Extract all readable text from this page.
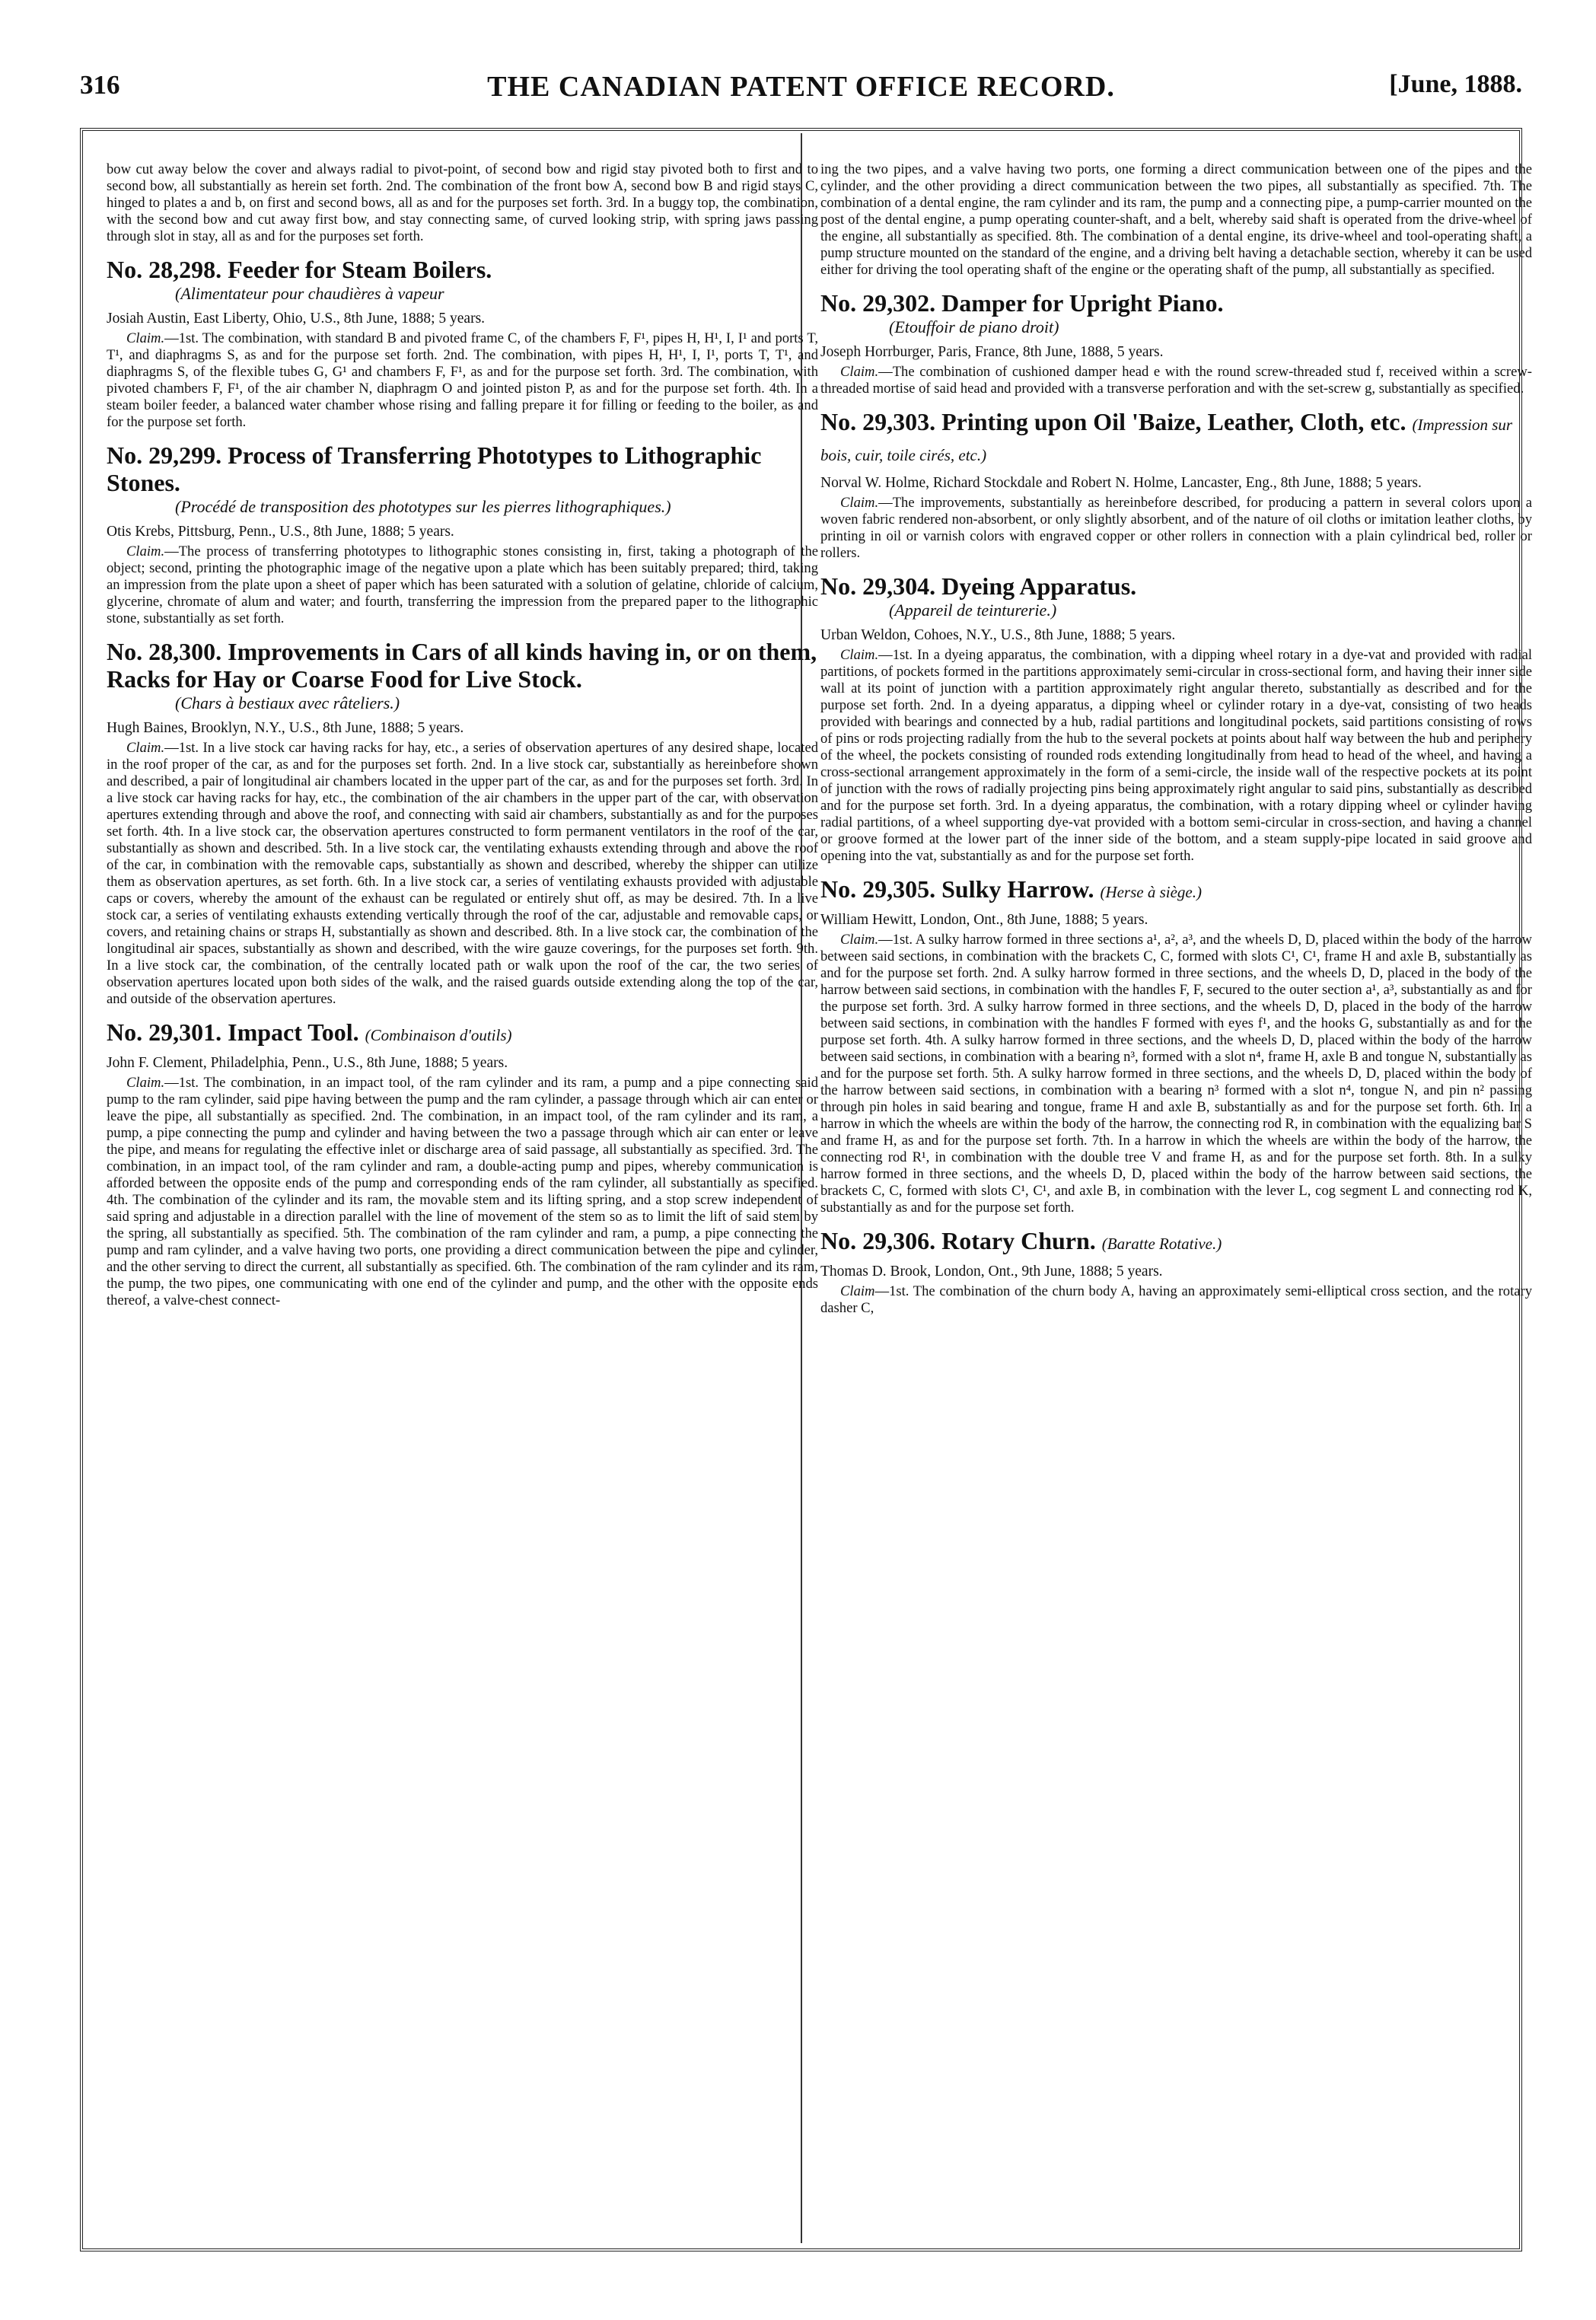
316	THE CANADIAN PATENT OFFICE RECORD.	[June, 1888.

bow cut away below the cover and always radial to pivot-point, of second bow and rigid stay pivoted both to first and to second bow, all substantially as herein set forth. 2nd. The combination of the front bow A, second bow B and rigid stays C, hinged to plates a and b, on first and second bows, all as and for the purposes set forth. 3rd. In a buggy top, the combination, with the second bow and cut away first bow, and stay connecting same, of curved looking strip, with spring jaws passing through slot in stay, all as and for the purposes set forth.

No. 28,298. Feeder for Steam Boilers.

(Alimentateur pour chaudières à vapeur

Josiah Austin, East Liberty, Ohio, U.S., 8th June, 1888; 5 years.

Claim.—1st. The combination, with standard B and pivoted frame C, of the chambers F, F¹, pipes H, H¹, I, I¹ and ports T, T¹, and diaphragms S, as and for the purpose set forth. 2nd. The combination, with pipes H, H¹, I, I¹, ports T, T¹, and diaphragms S, of the flexible tubes G, G¹ and chambers F, F¹, as and for the purpose set forth. 3rd. The combination, with pivoted chambers F, F¹, of the air chamber N, diaphragm O and jointed piston P, as and for the purpose set forth. 4th. In a steam boiler feeder, a balanced water chamber whose rising and falling prepare it for filling or feeding to the boiler, as and for the purpose set forth.

No. 29,299. Process of Transferring Phototypes to Lithographic Stones.

(Procédé de transposition des phototypes sur les pierres lithographiques.)

Otis Krebs, Pittsburg, Penn., U.S., 8th June, 1888; 5 years.

Claim.—The process of transferring phototypes to lithographic stones consisting in, first, taking a photograph of the object; second, printing the photographic image of the negative upon a plate which has been suitably prepared; third, taking an impression from the plate upon a sheet of paper which has been saturated with a solution of gelatine, chloride of calcium, glycerine, chromate of alum and water; and fourth, transferring the impression from the prepared paper to the lithographic stone, substantially as set forth.

No. 28,300. Improvements in Cars of all kinds having in, or on them, Racks for Hay or Coarse Food for Live Stock.

(Chars à bestiaux avec râteliers.)

Hugh Baines, Brooklyn, N.Y., U.S., 8th June, 1888; 5 years.

Claim.—1st. In a live stock car having racks for hay, etc., a series of observation apertures of any desired shape, located in the roof proper of the car, as and for the purposes set forth. 2nd. In a live stock car, substantially as hereinbefore shown and described, a pair of longitudinal air chambers located in the upper part of the car, as and for the purposes set forth. 3rd. In a live stock car having racks for hay, etc., the combination of the air chambers in the upper part of the car, with observation apertures extending through and above the roof, and connecting with said air chambers, substantially as and for the purposes set forth. 4th. In a live stock car, the observation apertures constructed to form permanent ventilators in the roof of the car, substantially as shown and described. 5th. In a live stock car, the ventilating exhausts extending through and above the roof of the car, in combination with the removable caps, substantially as shown and described, whereby the shipper can utilize them as observation apertures, as set forth. 6th. In a live stock car, a series of ventilating exhausts provided with adjustable caps or covers, whereby the amount of the exhaust can be regulated or entirely shut off, as may be desired. 7th. In a live stock car, a series of ventilating exhausts extending vertically through the roof of the car, adjustable and removable caps, or covers, and retaining chains or straps H, substantially as shown and described. 8th. In a live stock car, the combination of the longitudinal air spaces, substantially as shown and described, with the wire gauze coverings, for the purposes set forth. 9th. In a live stock car, the combination, of the centrally located path or walk upon the roof of the car, the two series of observation apertures located upon both sides of the walk, and the raised guards outside extending along the top of the car, and outside of the observation apertures.

No. 29,301. Impact Tool. (Combinaison d'outils)

John F. Clement, Philadelphia, Penn., U.S., 8th June, 1888; 5 years.

Claim.—1st. The combination, in an impact tool, of the ram cylinder and its ram, a pump and a pipe connecting said pump to the ram cylinder, said pipe having between the pump and the ram cylinder, a passage through which air can enter or leave the pipe, all substantially as specified. 2nd. The combination, in an impact tool, of the ram cylinder and its ram, a pump, a pipe connecting the pump and cylinder and having between the two a passage through which air can enter or leave the pipe, and means for regulating the effective inlet or discharge area of said passage, all substantially as specified. 3rd. The combination, in an impact tool, of the ram cylinder and ram, a double-acting pump and pipes, whereby communication is afforded between the opposite ends of the pump and corresponding ends of the ram cylinder, all substantially as specified. 4th. The combination of the cylinder and its ram, the movable stem and its lifting spring, and a stop screw independent of said spring and adjustable in a direction parallel with the line of movement of the stem so as to limit the lift of said stem by the spring, all substantially as specified. 5th. The combination of the ram cylinder and ram, a pump, a pipe connecting the pump and ram cylinder, and a valve having two ports, one providing a direct communication between the pipe and cylinder, and the other serving to direct the current, all substantially as specified. 6th. The combination of the ram cylinder and its ram, the pump, the two pipes, one communicating with one end of the cylinder and pump, and the other with the opposite ends thereof, a valve-chest connect-

ing the two pipes, and a valve having two ports, one forming a direct communication between one of the pipes and the cylinder, and the other providing a direct communication between the two pipes, all substantially as specified. 7th. The combination of a dental engine, the ram cylinder and its ram, the pump and a connecting pipe, a pump-carrier mounted on the post of the dental engine, a pump operating counter-shaft, and a belt, whereby said shaft is operated from the drive-wheel of the engine, all substantially as specified. 8th. The combination of a dental engine, its drive-wheel and tool-operating shaft, a pump structure mounted on the standard of the engine, and a driving belt having a detachable section, whereby it can be used either for driving the tool operating shaft of the engine or the operating shaft of the pump, all substantially as specified.

No. 29,302. Damper for Upright Piano.

(Etouffoir de piano droit)

Joseph Horrburger, Paris, France, 8th June, 1888, 5 years.

Claim.—The combination of cushioned damper head e with the round screw-threaded stud f, received within a screw-threaded mortise of said head and provided with a transverse perforation and with the set-screw g, substantially as specified.

No. 29,303. Printing upon Oil 'Baize, Leather, Cloth, etc. (Impression sur bois, cuir, toile cirés, etc.)

Norval W. Holme, Richard Stockdale and Robert N. Holme, Lancaster, Eng., 8th June, 1888; 5 years.

Claim.—The improvements, substantially as hereinbefore described, for producing a pattern in several colors upon a woven fabric rendered non-absorbent, or only slightly absorbent, and of the nature of oil cloths or imitation leather cloths, by printing in oil or varnish colors with engraved copper or other rollers in connection with a plain cylindrical bed, roller or rollers.

No. 29,304. Dyeing Apparatus.

(Appareil de teinturerie.)

Urban Weldon, Cohoes, N.Y., U.S., 8th June, 1888; 5 years.

Claim.—1st. In a dyeing apparatus, the combination, with a dipping wheel rotary in a dye-vat and provided with radial partitions, of pockets formed in the partitions approximately semi-circular in cross-sectional form, and having their inner side wall at its point of junction with a partition approximately right angular thereto, substantially as described and for the purpose set forth. 2nd. In a dyeing apparatus, a dipping wheel or cylinder rotary in a dye-vat, consisting of two heads provided with bearings and connected by a hub, radial partitions and longitudinal pockets, said partitions consisting of rows of pins or rods projecting radially from the hub to the several pockets at points about half way between the hub and periphery of the wheel, the pockets consisting of rounded rods extending longitudinally from head to head of the wheel, and having a cross-sectional arrangement approximately in the form of a semi-circle, the inside wall of the respective pockets at its point of junction with the rows of radially projecting pins being approximately right angular to said pins, substantially as described and for the purpose set forth. 3rd. In a dyeing apparatus, the combination, with a rotary dipping wheel or cylinder having radial partitions, of a wheel supporting dye-vat provided with a bottom semi-circular in cross-section, and having a channel or groove formed at the lower part of the inner side of the bottom, and a steam supply-pipe located in said groove and opening into the vat, substantially as and for the purpose set forth.

No. 29,305. Sulky Harrow. (Herse à siège.)

William Hewitt, London, Ont., 8th June, 1888; 5 years.

Claim.—1st. A sulky harrow formed in three sections a¹, a², a³, and the wheels D, D, placed within the body of the harrow between said sections, in combination with the brackets C, C, formed with slots C¹, C¹, frame H and axle B, substantially as and for the purpose set forth. 2nd. A sulky harrow formed in three sections, and the wheels D, D, placed in the body of the harrow between said sections, in combination with the handles F, F, secured to the outer section a¹, a³, substantially as and for the purpose set forth. 3rd. A sulky harrow formed in three sections, and the wheels D, D, placed in the body of the harrow between said sections, in combination with the handles F formed with eyes f¹, and the hooks G, substantially as and for the purpose set forth. 4th. A sulky harrow formed in three sections, and the wheels D, D, placed within the body of the harrow between said sections, in combination with a bearing n³, formed with a slot n⁴, frame H, axle B and tongue N, substantially as and for the purpose set forth. 5th. A sulky harrow formed in three sections, and the wheels D, D, placed within the body of the harrow between said sections, in combination with a bearing n³ formed with a slot n⁴, tongue N, and pin n² passing through pin holes in said bearing and tongue, frame H and axle B, substantially as and for the purpose set forth. 6th. In a harrow in which the wheels are within the body of the harrow, the connecting rod R, in combination with the equalizing bar S and frame H, as and for the purpose set forth. 7th. In a harrow in which the wheels are within the body of the harrow, the connecting rod R¹, in combination with the double tree V and frame H, as and for the purpose set forth. 8th. In a sulky harrow formed in three sections, and the wheels D, D, placed within the body of the harrow between said sections, the brackets C, C, formed with slots C¹, C¹, and axle B, in combination with the lever L, cog segment L and connecting rod K, substantially as and for the purpose set forth.

No. 29,306. Rotary Churn. (Baratte Rotative.)

Thomas D. Brook, London, Ont., 9th June, 1888; 5 years.

Claim—1st. The combination of the churn body A, having an approximately semi-elliptical cross section, and the rotary dasher C,
